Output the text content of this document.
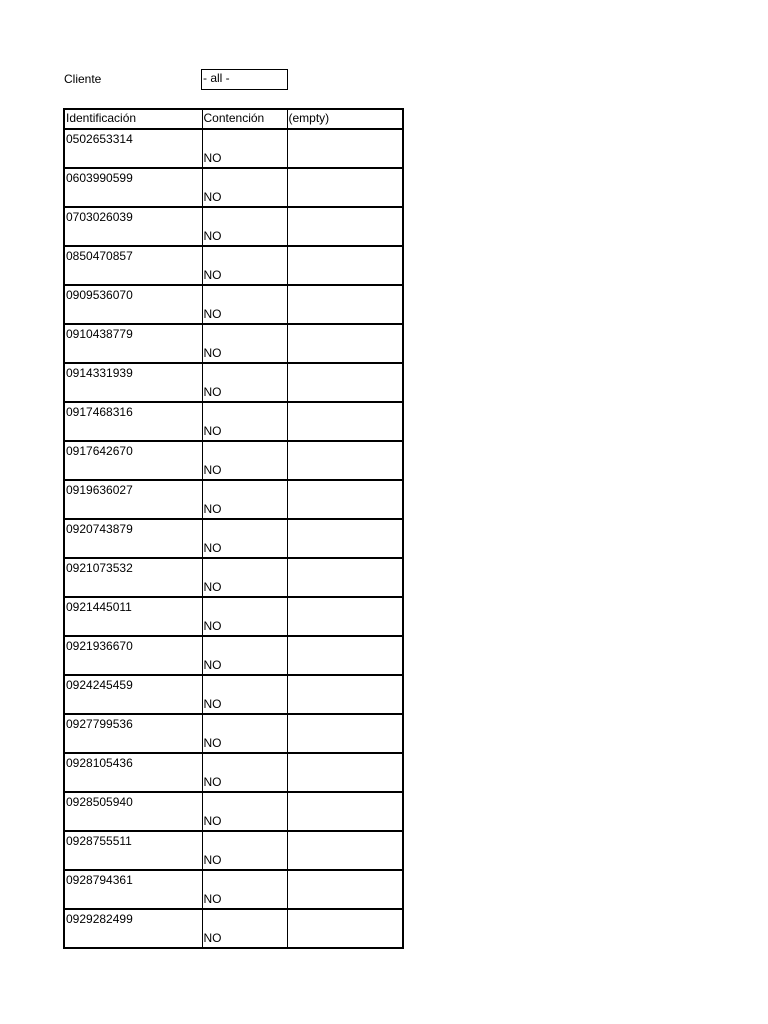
Cliente	- all -
Identificación	Contención	(empty)
0502653314	NO	
0603990599	NO	
0703026039	NO	
0850470857	NO	
0909536070	NO	
0910438779	NO	
0914331939	NO	
0917468316	NO	
0917642670	NO	
0919636027	NO	
0920743879	NO	
0921073532	NO	
0921445011	NO	
0921936670	NO	
0924245459	NO	
0927799536	NO	
0928105436	NO	
0928505940	NO	
0928755511	NO	
0928794361	NO	
0929282499	NO	
